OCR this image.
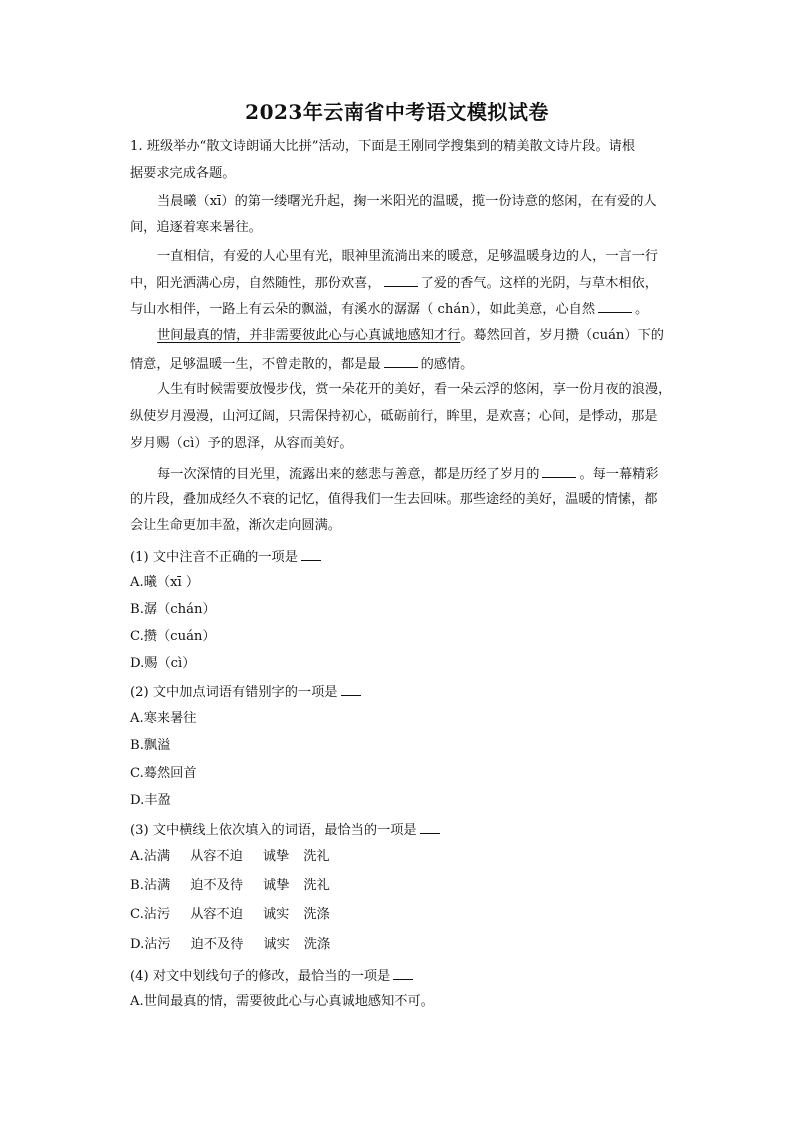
2023年云南省中考语文模拟试卷
1. 班级举办“散文诗朗诵大比拼”活动，下面是王刚同学搜集到的精美散文诗片段。请根
据要求完成各题。
当晨曦（xī）的第一缕曙光升起，掬一米阳光的温暖，揽一份诗意的悠闲，在有爱的人
间，追逐着寒来暑往。
一直相信，有爱的人心里有光，眼神里流淌出来的暖意，足够温暖身边的人，一言一行
中，阳光洒满心房，自然随性，那份欢喜，	了爱的香气。这样的光阴，与草木相依，
与山水相伴，一路上有云朵的飘溢，有溪水的潺潺（ chán），如此美意，心自然	。
世间最真的情，并非需要彼此心与心真诚地感知才行。蓦然回首，岁月攒（cuán）下的
情意，足够温暖一生，不曾走散的，都是最	的感情。
人生有时候需要放慢步伐，赏一朵花开的美好，看一朵云浮的悠闲，享一份月夜的浪漫，
纵使岁月漫漫，山河辽阔，只需保持初心，砥砺前行，眸里，是欢喜；心间，是悸动，那是
岁月赐（cì）予的恩泽，从容而美好。
每一次深情的目光里，流露出来的慈悲与善意，都是历经了岁月的	。每一幕精彩
的片段，叠加成经久不衰的记忆，值得我们一生去回味。那些途经的美好，温暖的情愫，都
会让生命更加丰盈，渐次走向圆满。
(1) 文中注音不正确的一项是
A.曦（xī ）
B.潺（chán）
C.攒（cuán）
D.赐（cì）
(2) 文中加点词语有错别字的一项是
A.寒来暑往
B.飘溢
C.蓦然回首
D.丰盈
(3) 文中横线上依次填入的词语，最恰当的一项是
A.沾满 从容不迫 诚挚 洗礼
B.沾满 迫不及待 诚挚 洗礼
C.沾污 从容不迫 诚实 洗涤
D.沾污 迫不及待 诚实 洗涤
(4) 对文中划线句子的修改，最恰当的一项是
A.世间最真的情，需要彼此心与心真诚地感知不可。
